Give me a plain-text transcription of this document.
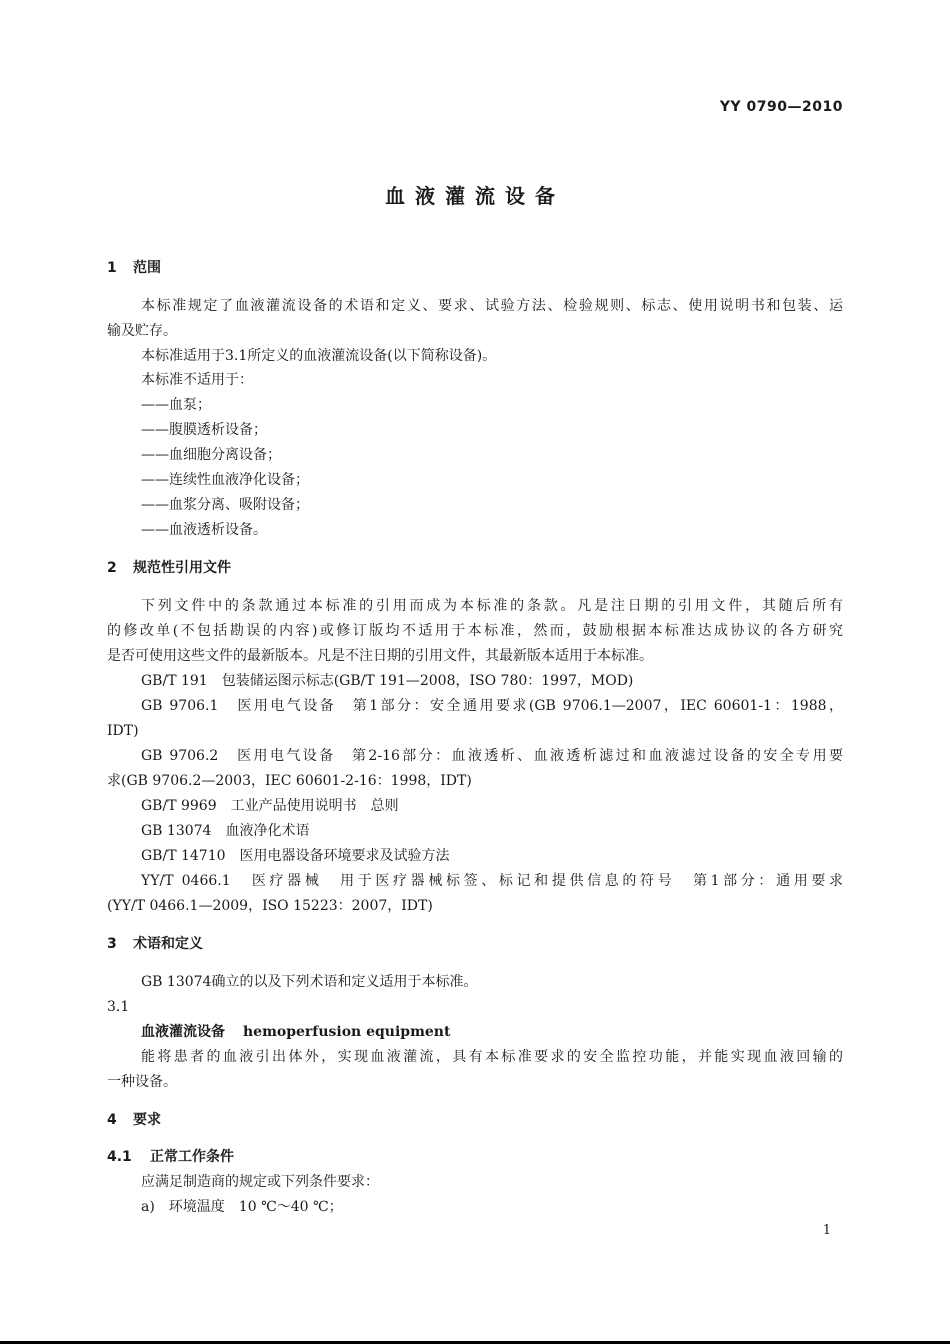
YY 0790—2010
血液灌流设备
1 范围
本标准规定了血液灌流设备的术语和定义、要求、试验方法、检验规则、标志、使用说明书和包装、运
输及贮存。
本标准适用于3.1所定义的血液灌流设备(以下简称设备)。
本标准不适用于：
——血泵；
——腹膜透析设备；
——血细胞分离设备；
——连续性血液净化设备；
——血浆分离、吸附设备；
——血液透析设备。
2 规范性引用文件
下列文件中的条款通过本标准的引用而成为本标准的条款。凡是注日期的引用文件，其随后所有
的修改单(不包括勘误的内容)或修订版均不适用于本标准，然而，鼓励根据本标准达成协议的各方研究
是否可使用这些文件的最新版本。凡是不注日期的引用文件，其最新版本适用于本标准。
GB/T 191　包装储运图示标志(GB/T 191—2008，ISO 780：1997，MOD)
GB 9706.1　医用电气设备　第1部分：安全通用要求(GB 9706.1—2007，IEC 60601-1：1988，
IDT)
GB 9706.2　医用电气设备　第2-16部分：血液透析、血液透析滤过和血液滤过设备的安全专用要
求(GB 9706.2—2003，IEC 60601-2-16：1998，IDT)
GB/T 9969　工业产品使用说明书　总则
GB 13074　血液净化术语
GB/T 14710　医用电器设备环境要求及试验方法
YY/T 0466.1　医疗器械　用于医疗器械标签、标记和提供信息的符号　第1部分：通用要求
(YY/T 0466.1—2009，ISO 15223：2007，IDT)
3 术语和定义
GB 13074确立的以及下列术语和定义适用于本标准。
3.1
血液灌流设备 hemoperfusion equipment
能将患者的血液引出体外，实现血液灌流，具有本标准要求的安全监控功能，并能实现血液回输的
一种设备。
4 要求
4.1 正常工作条件
应满足制造商的规定或下列条件要求：
a)　环境温度　10 ℃～40 ℃；
1
